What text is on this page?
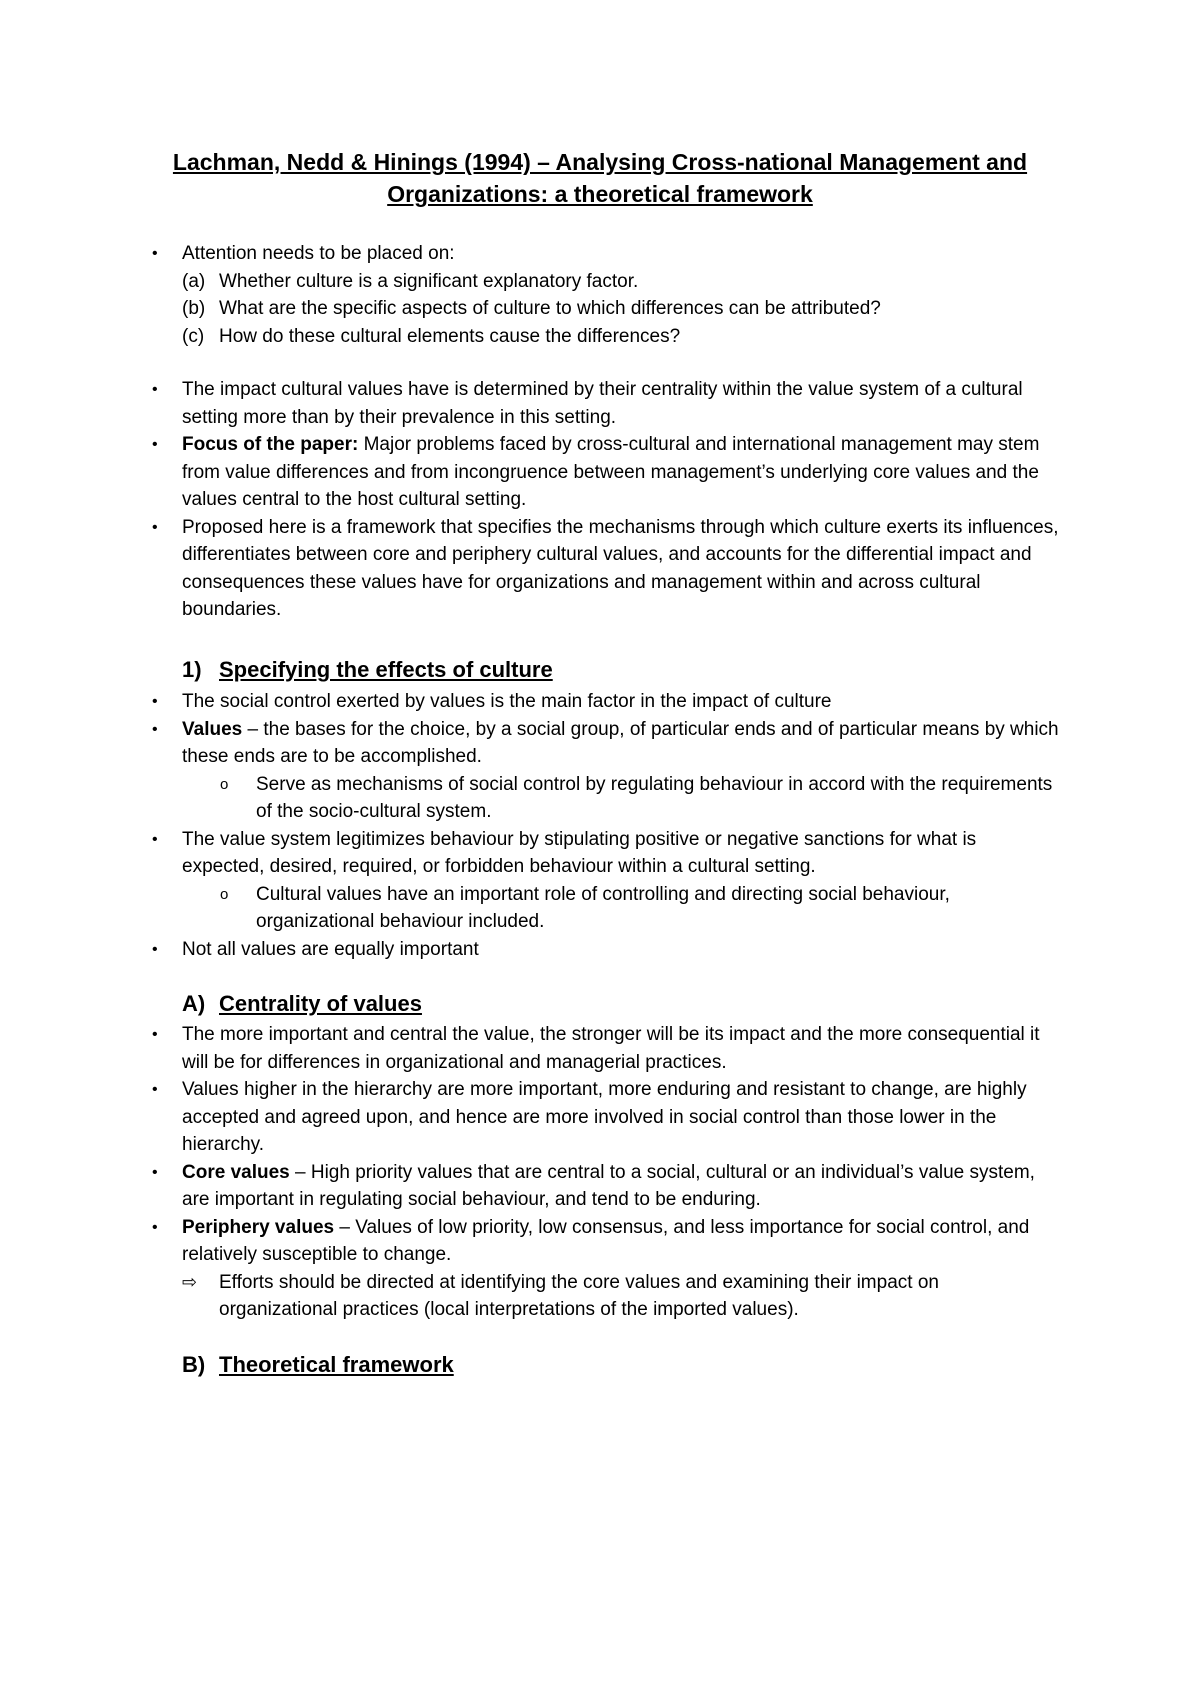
Lachman, Nedd & Hinings (1994) – Analysing Cross-national Management and
Organizations: a theoretical framework
• Attention needs to be placed on:
(a) Whether culture is a significant explanatory factor.
(b) What are the specific aspects of culture to which differences can be attributed?
(c) How do these cultural elements cause the differences?
• The impact cultural values have is determined by their centrality within the value system of a cultural setting more than by their prevalence in this setting.
• Focus of the paper: Major problems faced by cross-cultural and international management may stem from value differences and from incongruence between management’s underlying core values and the values central to the host cultural setting.
• Proposed here is a framework that specifies the mechanisms through which culture exerts its influences, differentiates between core and periphery cultural values, and accounts for the differential impact and consequences these values have for organizations and management within and across cultural boundaries.
1) Specifying the effects of culture
• The social control exerted by values is the main factor in the impact of culture
• Values – the bases for the choice, by a social group, of particular ends and of particular means by which these ends are to be accomplished.
o Serve as mechanisms of social control by regulating behaviour in accord with the requirements of the socio-cultural system.
• The value system legitimizes behaviour by stipulating positive or negative sanctions for what is expected, desired, required, or forbidden behaviour within a cultural setting.
o Cultural values have an important role of controlling and directing social behaviour, organizational behaviour included.
• Not all values are equally important
A) Centrality of values
• The more important and central the value, the stronger will be its impact and the more consequential it will be for differences in organizational and managerial practices.
• Values higher in the hierarchy are more important, more enduring and resistant to change, are highly accepted and agreed upon, and hence are more involved in social control than those lower in the hierarchy.
• Core values – High priority values that are central to a social, cultural or an individual’s value system, are important in regulating social behaviour, and tend to be enduring.
• Periphery values – Values of low priority, low consensus, and less importance for social control, and relatively susceptible to change.
⇨ Efforts should be directed at identifying the core values and examining their impact on organizational practices (local interpretations of the imported values).
B) Theoretical framework
